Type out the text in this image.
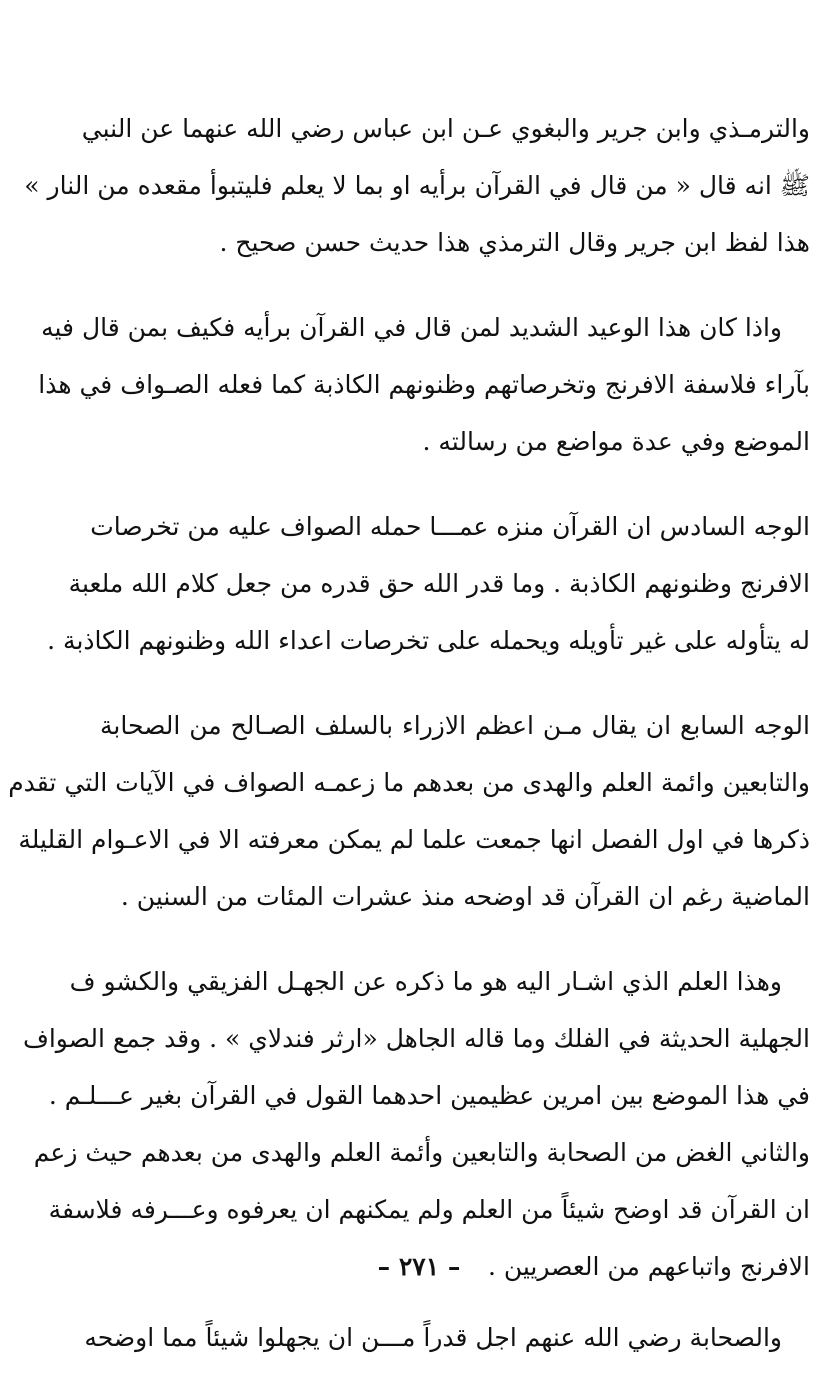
والترمـذي وابن جرير والبغوي عـن ابن عباس رضي الله عنهما عن النبي
ﷺ انه قال « من قال في القرآن برأيه او بما لا يعلم فليتبوأ مقعده من النار »
هذا لفظ ابن جرير وقال الترمذي هذا حديث حسن صحيح .
واذا كان هذا الوعيد الشديد لمن قال في القرآن برأيه فكيف بمن قال فيه
بآراء فلاسفة الافرنج وتخرصاتهم وظنونهم الكاذبة كما فعله الصـواف في هذا
الموضع وفي عدة مواضع من رسالته .
الوجه السادس ان القرآن منزه عمـــا حمله الصواف عليه من تخرصات
الافرنج وظنونهم الكاذبة . وما قدر الله حق قدره من جعل كلام الله ملعبة
له يتأوله على غير تأويله ويحمله على تخرصات اعداء الله وظنونهم الكاذبة .
الوجه السابع ان يقال مـن اعظم الازراء بالسلف الصـالح من الصحابة
والتابعين وائمة العلم والهدى من بعدهم ما زعمـه الصواف في الآيات التي تقدم
ذكرها في اول الفصل انها جمعت علما لم يمكن معرفته الا في الاعـوام القليلة
الماضية رغم ان القرآن قد اوضحه منذ عشرات المئات من السنين .
وهذا العلم الذي اشـار اليه هو ما ذكره عن الجهـل الفزيقي والكشو ف
الجهلية الحديثة في الفلك وما قاله الجاهل «ارثر فندلاي » . وقد جمع الصواف
في هذا الموضع بين امرين عظيمين احدهما القول في القرآن بغير عـــلـم .
والثاني الغض من الصحابة والتابعين وأئمة العلم والهدى من بعدهم حيث زعم
ان القرآن قد اوضح شيئاً من العلم ولم يمكنهم ان يعرفوه وعـــرفه فلاسفة
الافرنج واتباعهم من العصريين .
والصحابة رضي الله عنهم اجل قدراً مـــن ان يجهلوا شيئاً مما اوضحه
– ٢٧١ –
